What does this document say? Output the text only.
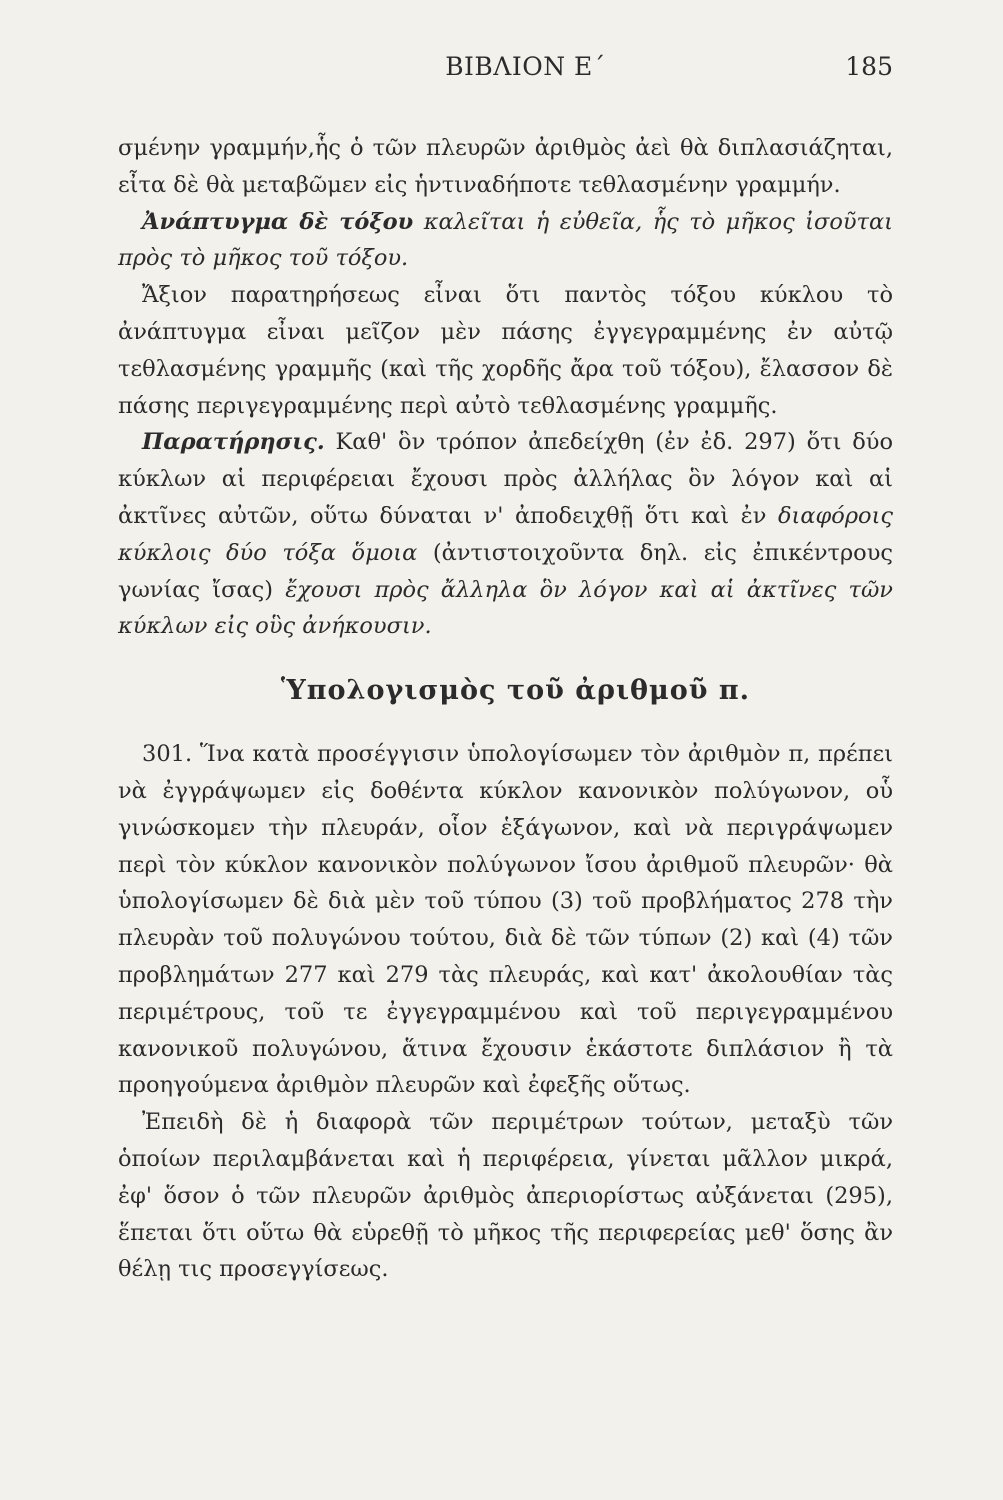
ΒΙΒΛΙΟΝ Ε΄	185

σμένην γραμμήν,ἧς ὁ τῶν πλευρῶν ἀριθμὸς ἀεὶ θὰ διπλασιάζηται, εἶτα δὲ θὰ μεταβῶμεν εἰς ἡντιναδήποτε τεθλασμένην γραμμήν.

Ἀνάπτυγμα δὲ τόξου καλεῖται ἡ εὐθεῖα, ἧς τὸ μῆκος ἰσοῦται πρὸς τὸ μῆκος τοῦ τόξου.

Ἄξιον παρατηρήσεως εἶναι ὅτι παντὸς τόξου κύκλου τὸ ἀνάπτυγμα εἶναι μεῖζον μὲν πάσης ἐγγεγραμμένης ἐν αὐτῷ τεθλασμένης γραμμῆς (καὶ τῆς χορδῆς ἄρα τοῦ τόξου), ἔλασσον δὲ πάσης περιγεγραμμένης περὶ αὐτὸ τεθλασμένης γραμμῆς.

Παρατήρησις. Καθ' ὃν τρόπον ἀπεδείχθη (ἐν ἐδ. 297) ὅτι δύο κύκλων αἱ περιφέρειαι ἔχουσι πρὸς ἀλλήλας ὃν λόγον καὶ αἱ ἀκτῖνες αὐτῶν, οὕτω δύναται ν' ἀποδειχθῇ ὅτι καὶ ἐν διαφόροις κύκλοις δύο τόξα ὅμοια (ἀντιστοιχοῦντα δηλ. εἰς ἐπικέντρους γωνίας ἴσας) ἔχουσι πρὸς ἄλληλα ὃν λόγον καὶ αἱ ἀκτῖνες τῶν κύκλων εἰς οὓς ἀνήκουσιν.

Ὑπολογισμὸς τοῦ ἀριθμοῦ π.

301. Ἵνα κατὰ προσέγγισιν ὑπολογίσωμεν τὸν ἀριθμὸν π, πρέπει νὰ ἐγγράψωμεν εἰς δοθέντα κύκλον κανονικὸν πολύγωνον, οὗ γινώσκομεν τὴν πλευράν, οἷον ἑξάγωνον, καὶ νὰ περιγράψωμεν περὶ τὸν κύκλον κανονικὸν πολύγωνον ἴσου ἀριθμοῦ πλευρῶν· θὰ ὑπολογίσωμεν δὲ διὰ μὲν τοῦ τύπου (3) τοῦ προβλήματος 278 τὴν πλευρὰν τοῦ πολυγώνου τούτου, διὰ δὲ τῶν τύπων (2) καὶ (4) τῶν προβλημάτων 277 καὶ 279 τὰς πλευράς, καὶ κατ' ἀκολουθίαν τὰς περιμέτρους, τοῦ τε ἐγγεγραμμένου καὶ τοῦ περιγεγραμμένου κανονικοῦ πολυγώνου, ἅτινα ἔχουσιν ἑκάστοτε διπλάσιον ἢ τὰ προηγούμενα ἀριθμὸν πλευρῶν καὶ ἐφεξῆς οὕτως.

Ἐπειδὴ δὲ ἡ διαφορὰ τῶν περιμέτρων τούτων, μεταξὺ τῶν ὁποίων περιλαμβάνεται καὶ ἡ περιφέρεια, γίνεται μᾶλλον μικρά, ἐφ' ὅσον ὁ τῶν πλευρῶν ἀριθμὸς ἀπεριορίστως αὐξάνεται (295), ἕπεται ὅτι οὕτω θὰ εὑρεθῇ τὸ μῆκος τῆς περιφερείας μεθ' ὅσης ἂν θέλῃ τις προσεγγίσεως.
